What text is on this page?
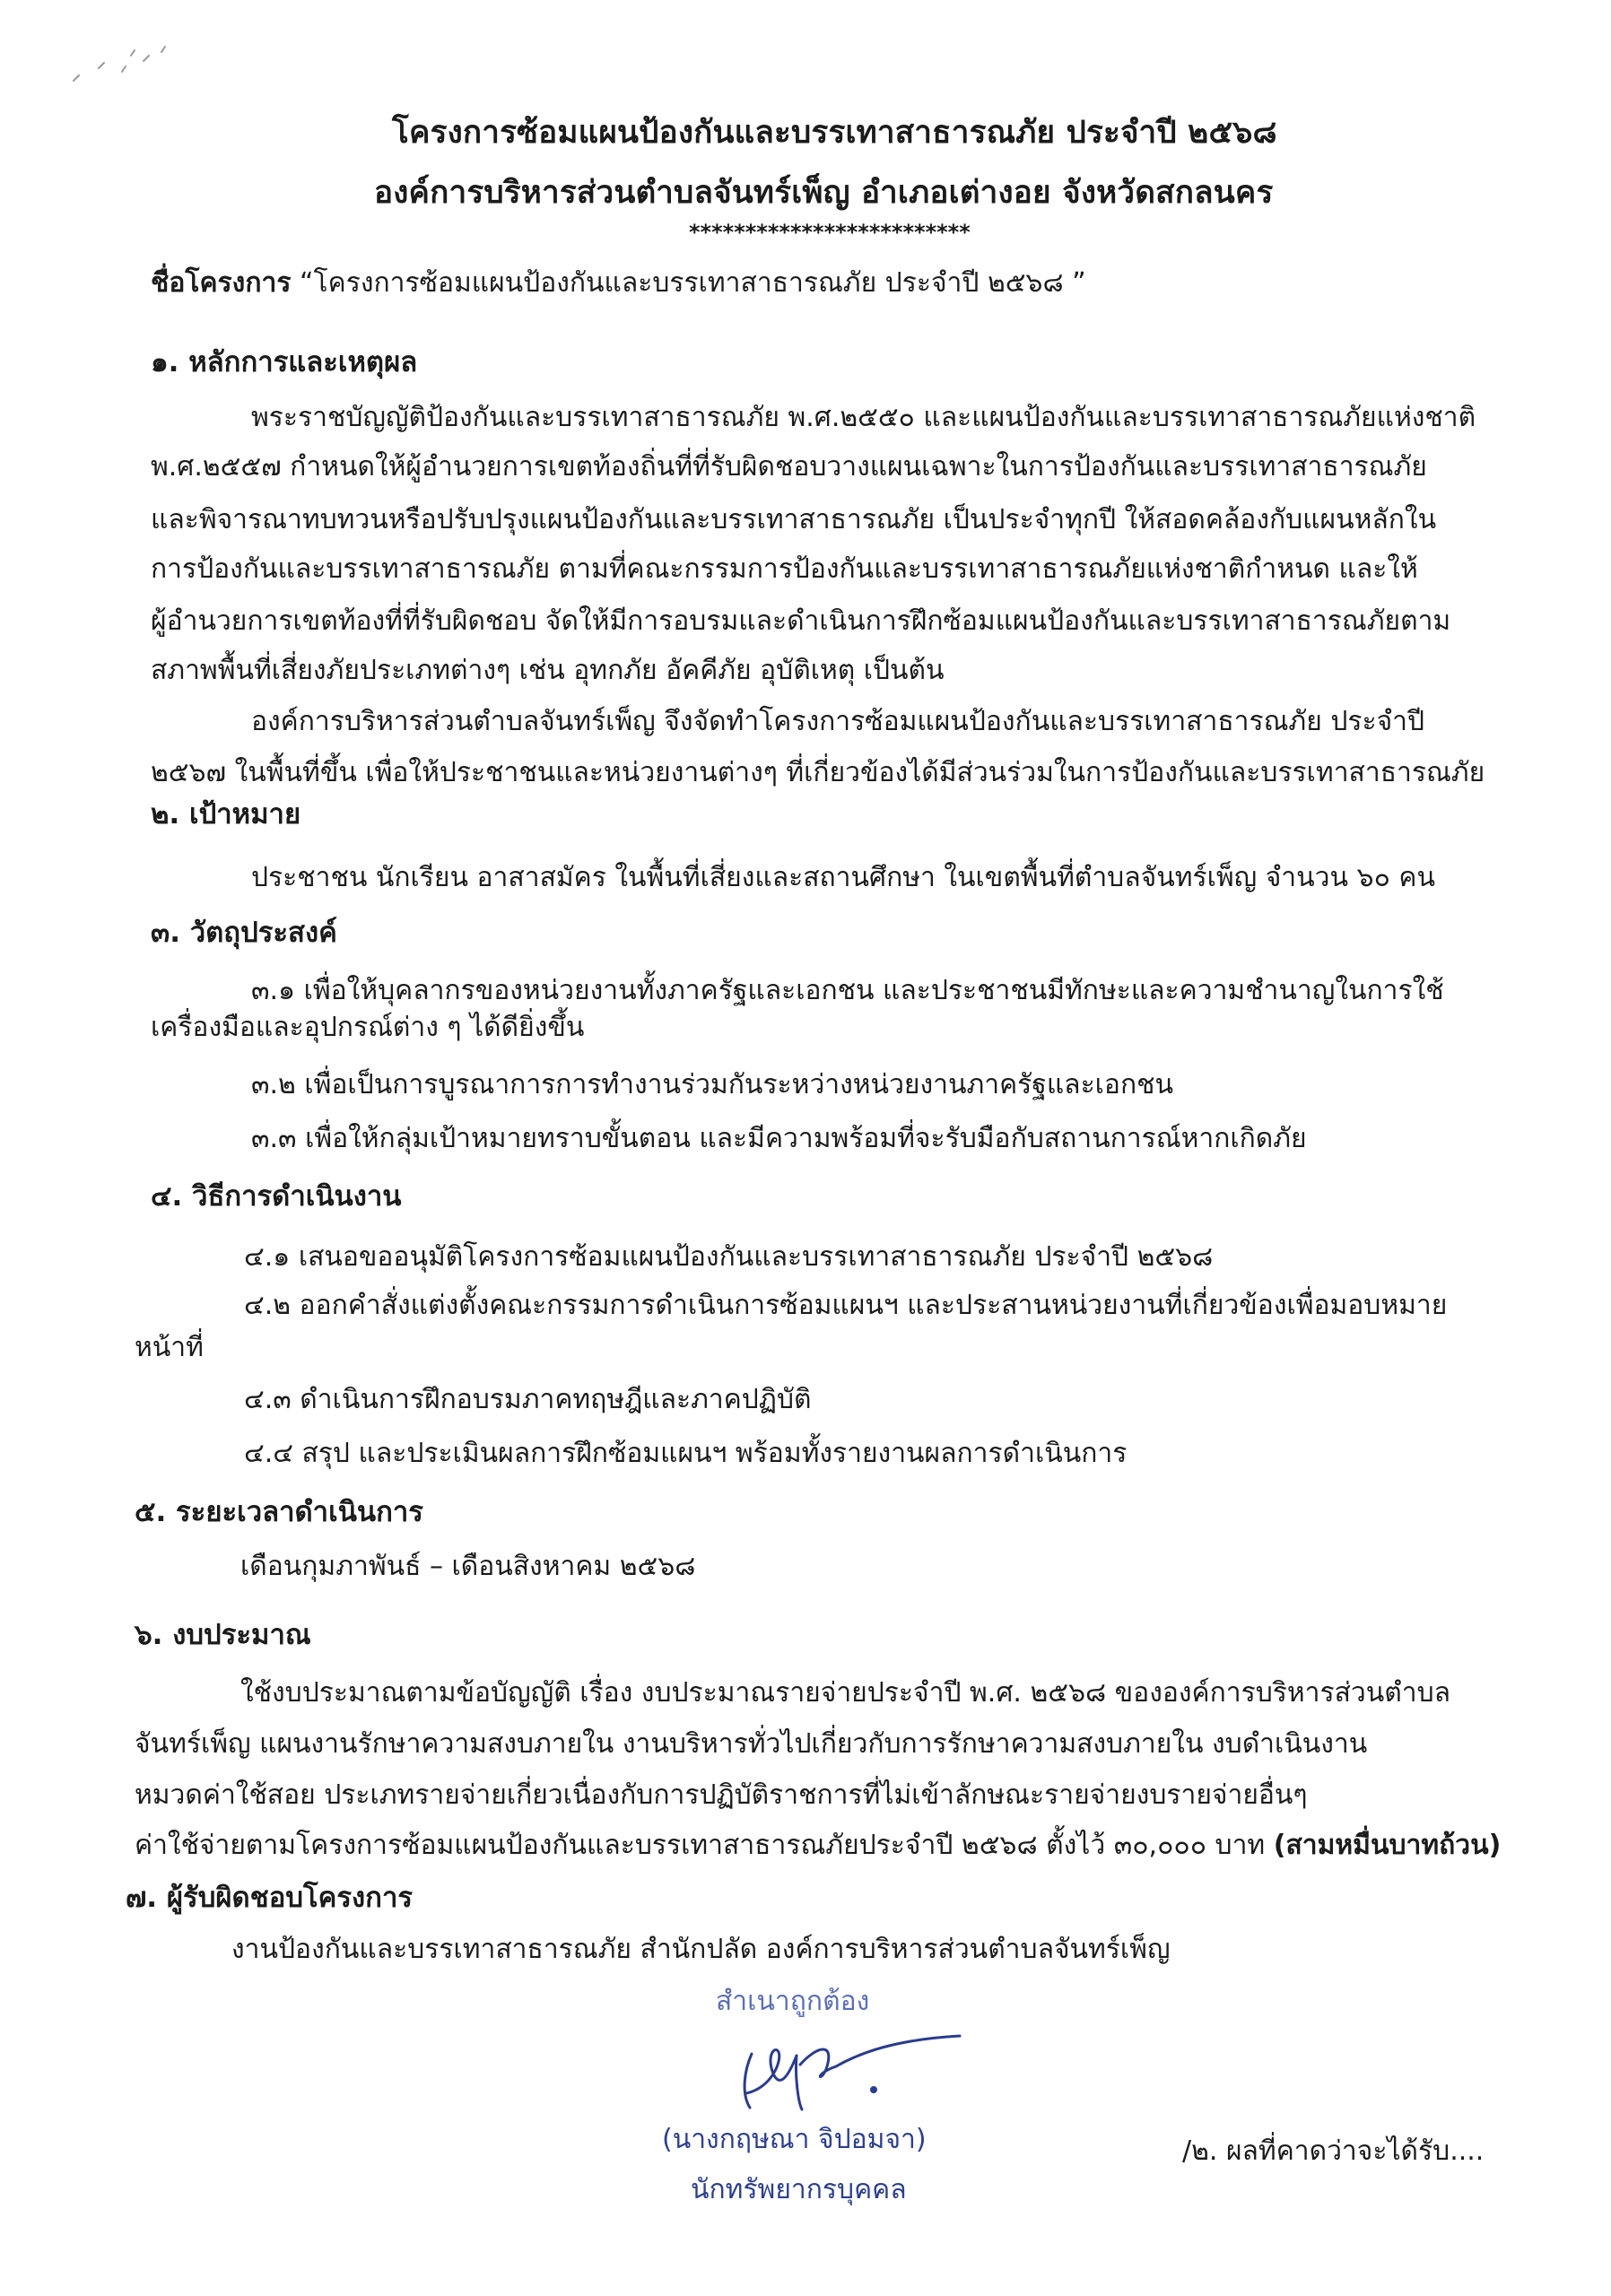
โครงการซ้อมแผนป้องกันและบรรเทาสาธารณภัย ประจำปี ๒๕๖๘
องค์การบริหารส่วนตำบลจันทร์เพ็ญ อำเภอเต่างอย จังหวัดสกลนคร
*************************
ชื่อโครงการ “โครงการซ้อมแผนป้องกันและบรรเทาสาธารณภัย ประจำปี ๒๕๖๘ ”
๑. หลักการและเหตุผล
พระราชบัญญัติป้องกันและบรรเทาสาธารณภัย พ.ศ.๒๕๕๐ และแผนป้องกันและบรรเทาสาธารณภัยแห่งชาติ
พ.ศ.๒๕๕๗ กำหนดให้ผู้อำนวยการเขตท้องถิ่นที่ที่รับผิดชอบวางแผนเฉพาะในการป้องกันและบรรเทาสาธารณภัย
และพิจารณาทบทวนหรือปรับปรุงแผนป้องกันและบรรเทาสาธารณภัย เป็นประจำทุกปี ให้สอดคล้องกับแผนหลักใน
การป้องกันและบรรเทาสาธารณภัย ตามที่คณะกรรมการป้องกันและบรรเทาสาธารณภัยแห่งชาติกำหนด และให้
ผู้อำนวยการเขตท้องที่ที่รับผิดชอบ จัดให้มีการอบรมและดำเนินการฝึกซ้อมแผนป้องกันและบรรเทาสาธารณภัยตาม
สภาพพื้นที่เสี่ยงภัยประเภทต่างๆ เช่น อุทกภัย อัคคีภัย อุบัติเหตุ เป็นต้น
องค์การบริหารส่วนตำบลจันทร์เพ็ญ จึงจัดทำโครงการซ้อมแผนป้องกันและบรรเทาสาธารณภัย ประจำปี
๒๕๖๗ ในพื้นที่ขึ้น เพื่อให้ประชาชนและหน่วยงานต่างๆ ที่เกี่ยวข้องได้มีส่วนร่วมในการป้องกันและบรรเทาสาธารณภัย
๒. เป้าหมาย
ประชาชน นักเรียน อาสาสมัคร ในพื้นที่เสี่ยงและสถานศึกษา ในเขตพื้นที่ตำบลจันทร์เพ็ญ จำนวน ๖๐ คน
๓. วัตถุประสงค์
๓.๑ เพื่อให้บุคลากรของหน่วยงานทั้งภาครัฐและเอกชน และประชาชนมีทักษะและความชำนาญในการใช้
เครื่องมือและอุปกรณ์ต่าง ๆ ได้ดียิ่งขึ้น
๓.๒ เพื่อเป็นการบูรณาการการทำงานร่วมกันระหว่างหน่วยงานภาครัฐและเอกชน
๓.๓ เพื่อให้กลุ่มเป้าหมายทราบขั้นตอน และมีความพร้อมที่จะรับมือกับสถานการณ์หากเกิดภัย
๔. วิธีการดำเนินงาน
๔.๑ เสนอขออนุมัติโครงการซ้อมแผนป้องกันและบรรเทาสาธารณภัย ประจำปี ๒๕๖๘
๔.๒ ออกคำสั่งแต่งตั้งคณะกรรมการดำเนินการซ้อมแผนฯ และประสานหน่วยงานที่เกี่ยวข้องเพื่อมอบหมาย
หน้าที่
๔.๓ ดำเนินการฝึกอบรมภาคทฤษฎีและภาคปฏิบัติ
๔.๔ สรุป และประเมินผลการฝึกซ้อมแผนฯ พร้อมทั้งรายงานผลการดำเนินการ
๕. ระยะเวลาดำเนินการ
เดือนกุมภาพันธ์ – เดือนสิงหาคม ๒๕๖๘
๖. งบประมาณ
ใช้งบประมาณตามข้อบัญญัติ เรื่อง งบประมาณรายจ่ายประจำปี พ.ศ. ๒๕๖๘ ขององค์การบริหารส่วนตำบล
จันทร์เพ็ญ แผนงานรักษาความสงบภายใน งานบริหารทั่วไปเกี่ยวกับการรักษาความสงบภายใน งบดำเนินงาน
หมวดค่าใช้สอย ประเภทรายจ่ายเกี่ยวเนื่องกับการปฏิบัติราชการที่ไม่เข้าลักษณะรายจ่ายงบรายจ่ายอื่นๆ
ค่าใช้จ่ายตามโครงการซ้อมแผนป้องกันและบรรเทาสาธารณภัยประจำปี ๒๕๖๘ ตั้งไว้ ๓๐,๐๐๐ บาท (สามหมื่นบาทถ้วน)
๗. ผู้รับผิดชอบโครงการ
งานป้องกันและบรรเทาสาธารณภัย สำนักปลัด องค์การบริหารส่วนตำบลจันทร์เพ็ญ
สำเนาถูกต้อง
(นางกฤษณา จิปอมจา)
นักทรัพยากรบุคคล
/๒. ผลที่คาดว่าจะได้รับ....
